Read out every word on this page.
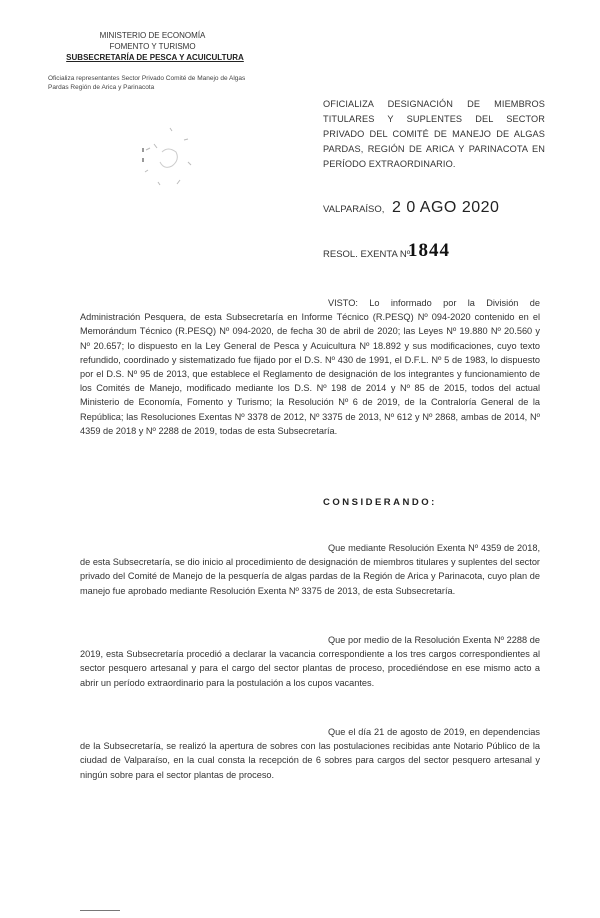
MINISTERIO DE ECONOMÍA
FOMENTO Y TURISMO
SUBSECRETARÍA DE PESCA Y ACUICULTURA
Oficializa representantes Sector Privado Comité de Manejo de Algas Pardas Región de Arica y Parinacota
OFICIALIZA DESIGNACIÓN DE MIEMBROS TITULARES Y SUPLENTES DEL SECTOR PRIVADO DEL COMITÉ DE MANEJO DE ALGAS PARDAS, REGIÓN DE ARICA Y PARINACOTA EN PERÍODO EXTRAORDINARIO.
VALPARAÍSO, 2 0 AGO 2020
RESOL. EXENTA Nº
1844
VISTO: Lo informado por la División de Administración Pesquera, de esta Subsecretaría en Informe Técnico (R.PESQ) Nº 094-2020 contenido en el Memorándum Técnico (R.PESQ) Nº 094-2020, de fecha 30 de abril de 2020; las Leyes Nº 19.880 Nº 20.560 y Nº 20.657; lo dispuesto en la Ley General de Pesca y Acuicultura Nº 18.892 y sus modificaciones, cuyo texto refundido, coordinado y sistematizado fue fijado por el D.S. Nº 430 de 1991, el D.F.L. Nº 5 de 1983, lo dispuesto por el D.S. Nº 95 de 2013, que establece el Reglamento de designación de los integrantes y funcionamiento de los Comités de Manejo, modificado mediante los D.S. Nº 198 de 2014 y Nº 85 de 2015, todos del actual Ministerio de Economía, Fomento y Turismo; la Resolución Nº 6 de 2019, de la Contraloría General de la República; las Resoluciones Exentas Nº 3378 de 2012, Nº 3375 de 2013, Nº 612 y Nº 2868, ambas de 2014, Nº 4359 de 2018 y Nº 2288 de 2019, todas de esta Subsecretaría.
CONSIDERANDO:
Que mediante Resolución Exenta Nº 4359 de 2018, de esta Subsecretaría, se dio inicio al procedimiento de designación de miembros titulares y suplentes del sector privado del Comité de Manejo de la pesquería de algas pardas de la Región de Arica y Parinacota, cuyo plan de manejo fue aprobado mediante Resolución Exenta Nº 3375 de 2013, de esta Subsecretaría.
Que por medio de la Resolución Exenta Nº 2288 de 2019, esta Subsecretaría procedió a declarar la vacancia correspondiente a los tres cargos correspondientes al sector pesquero artesanal y para el cargo del sector plantas de proceso, procediéndose en ese mismo acto a abrir un período extraordinario para la postulación a los cupos vacantes.
Que el día 21 de agosto de 2019, en dependencias de la Subsecretaría, se realizó la apertura de sobres con las postulaciones recibidas ante Notario Público de la ciudad de Valparaíso, en la cual consta la recepción de 6 sobres para cargos del sector pesquero artesanal y ningún sobre para el sector plantas de proceso.
